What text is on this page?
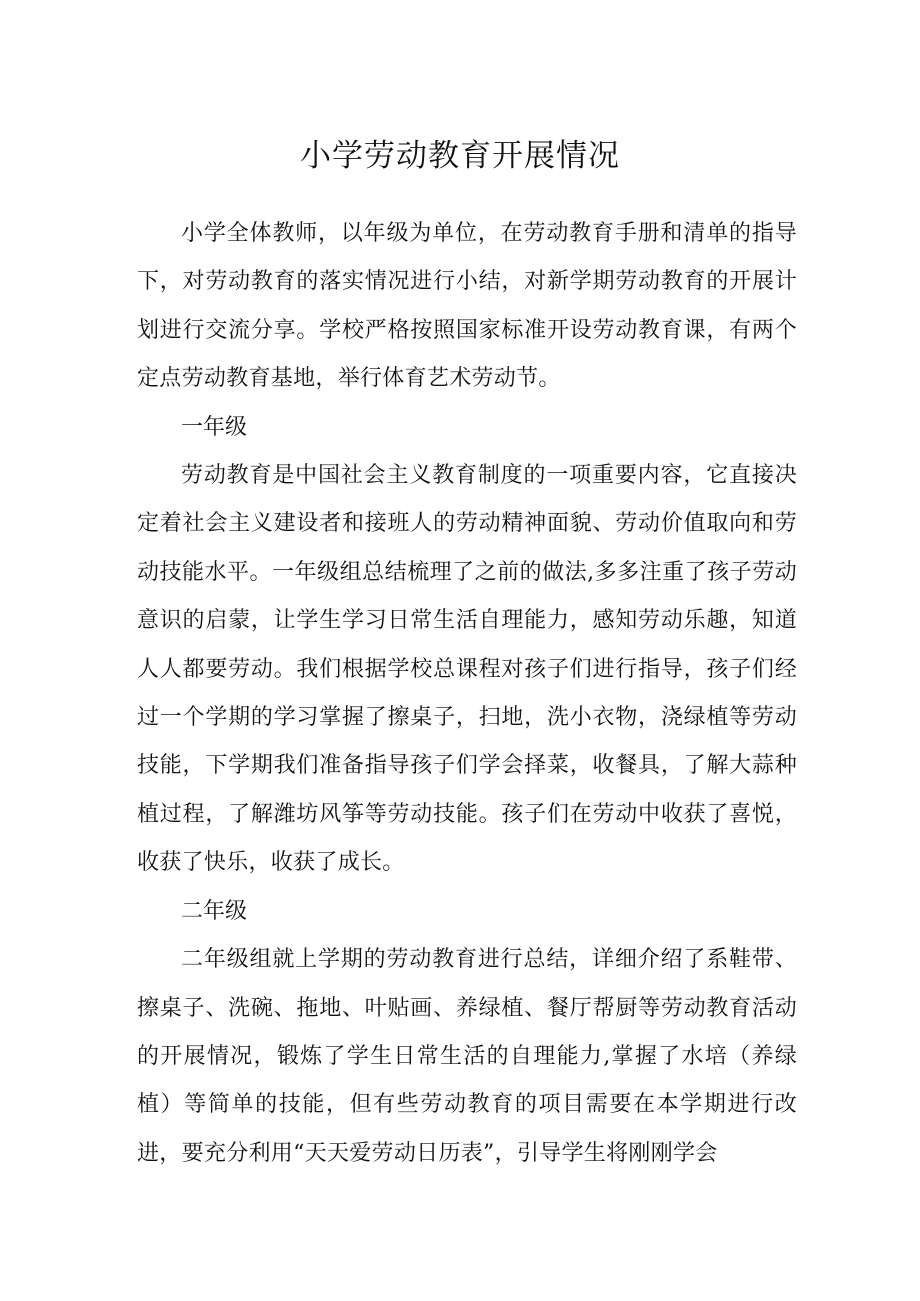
小学劳动教育开展情况

小学全体教师，以年级为单位，在劳动教育手册和清单的指导下，对劳动教育的落实情况进行小结，对新学期劳动教育的开展计划进行交流分享。学校严格按照国家标准开设劳动教育课，有两个定点劳动教育基地，举行体育艺术劳动节。

一年级

劳动教育是中国社会主义教育制度的一项重要内容，它直接决定着社会主义建设者和接班人的劳动精神面貌、劳动价值取向和劳动技能水平。一年级组总结梳理了之前的做法,多多注重了孩子劳动意识的启蒙，让学生学习日常生活自理能力，感知劳动乐趣，知道人人都要劳动。我们根据学校总课程对孩子们进行指导，孩子们经过一个学期的学习掌握了擦桌子，扫地，洗小衣物，浇绿植等劳动技能，下学期我们准备指导孩子们学会择菜，收餐具，了解大蒜种植过程，了解潍坊风筝等劳动技能。孩子们在劳动中收获了喜悦，收获了快乐，收获了成长。

二年级

二年级组就上学期的劳动教育进行总结，详细介绍了系鞋带、擦桌子、洗碗、拖地、叶贴画、养绿植、餐厅帮厨等劳动教育活动的开展情况，锻炼了学生日常生活的自理能力,掌握了水培（养绿植）等简单的技能，但有些劳动教育的项目需要在本学期进行改进，要充分利用“天天爱劳动日历表”，引导学生将刚刚学会
